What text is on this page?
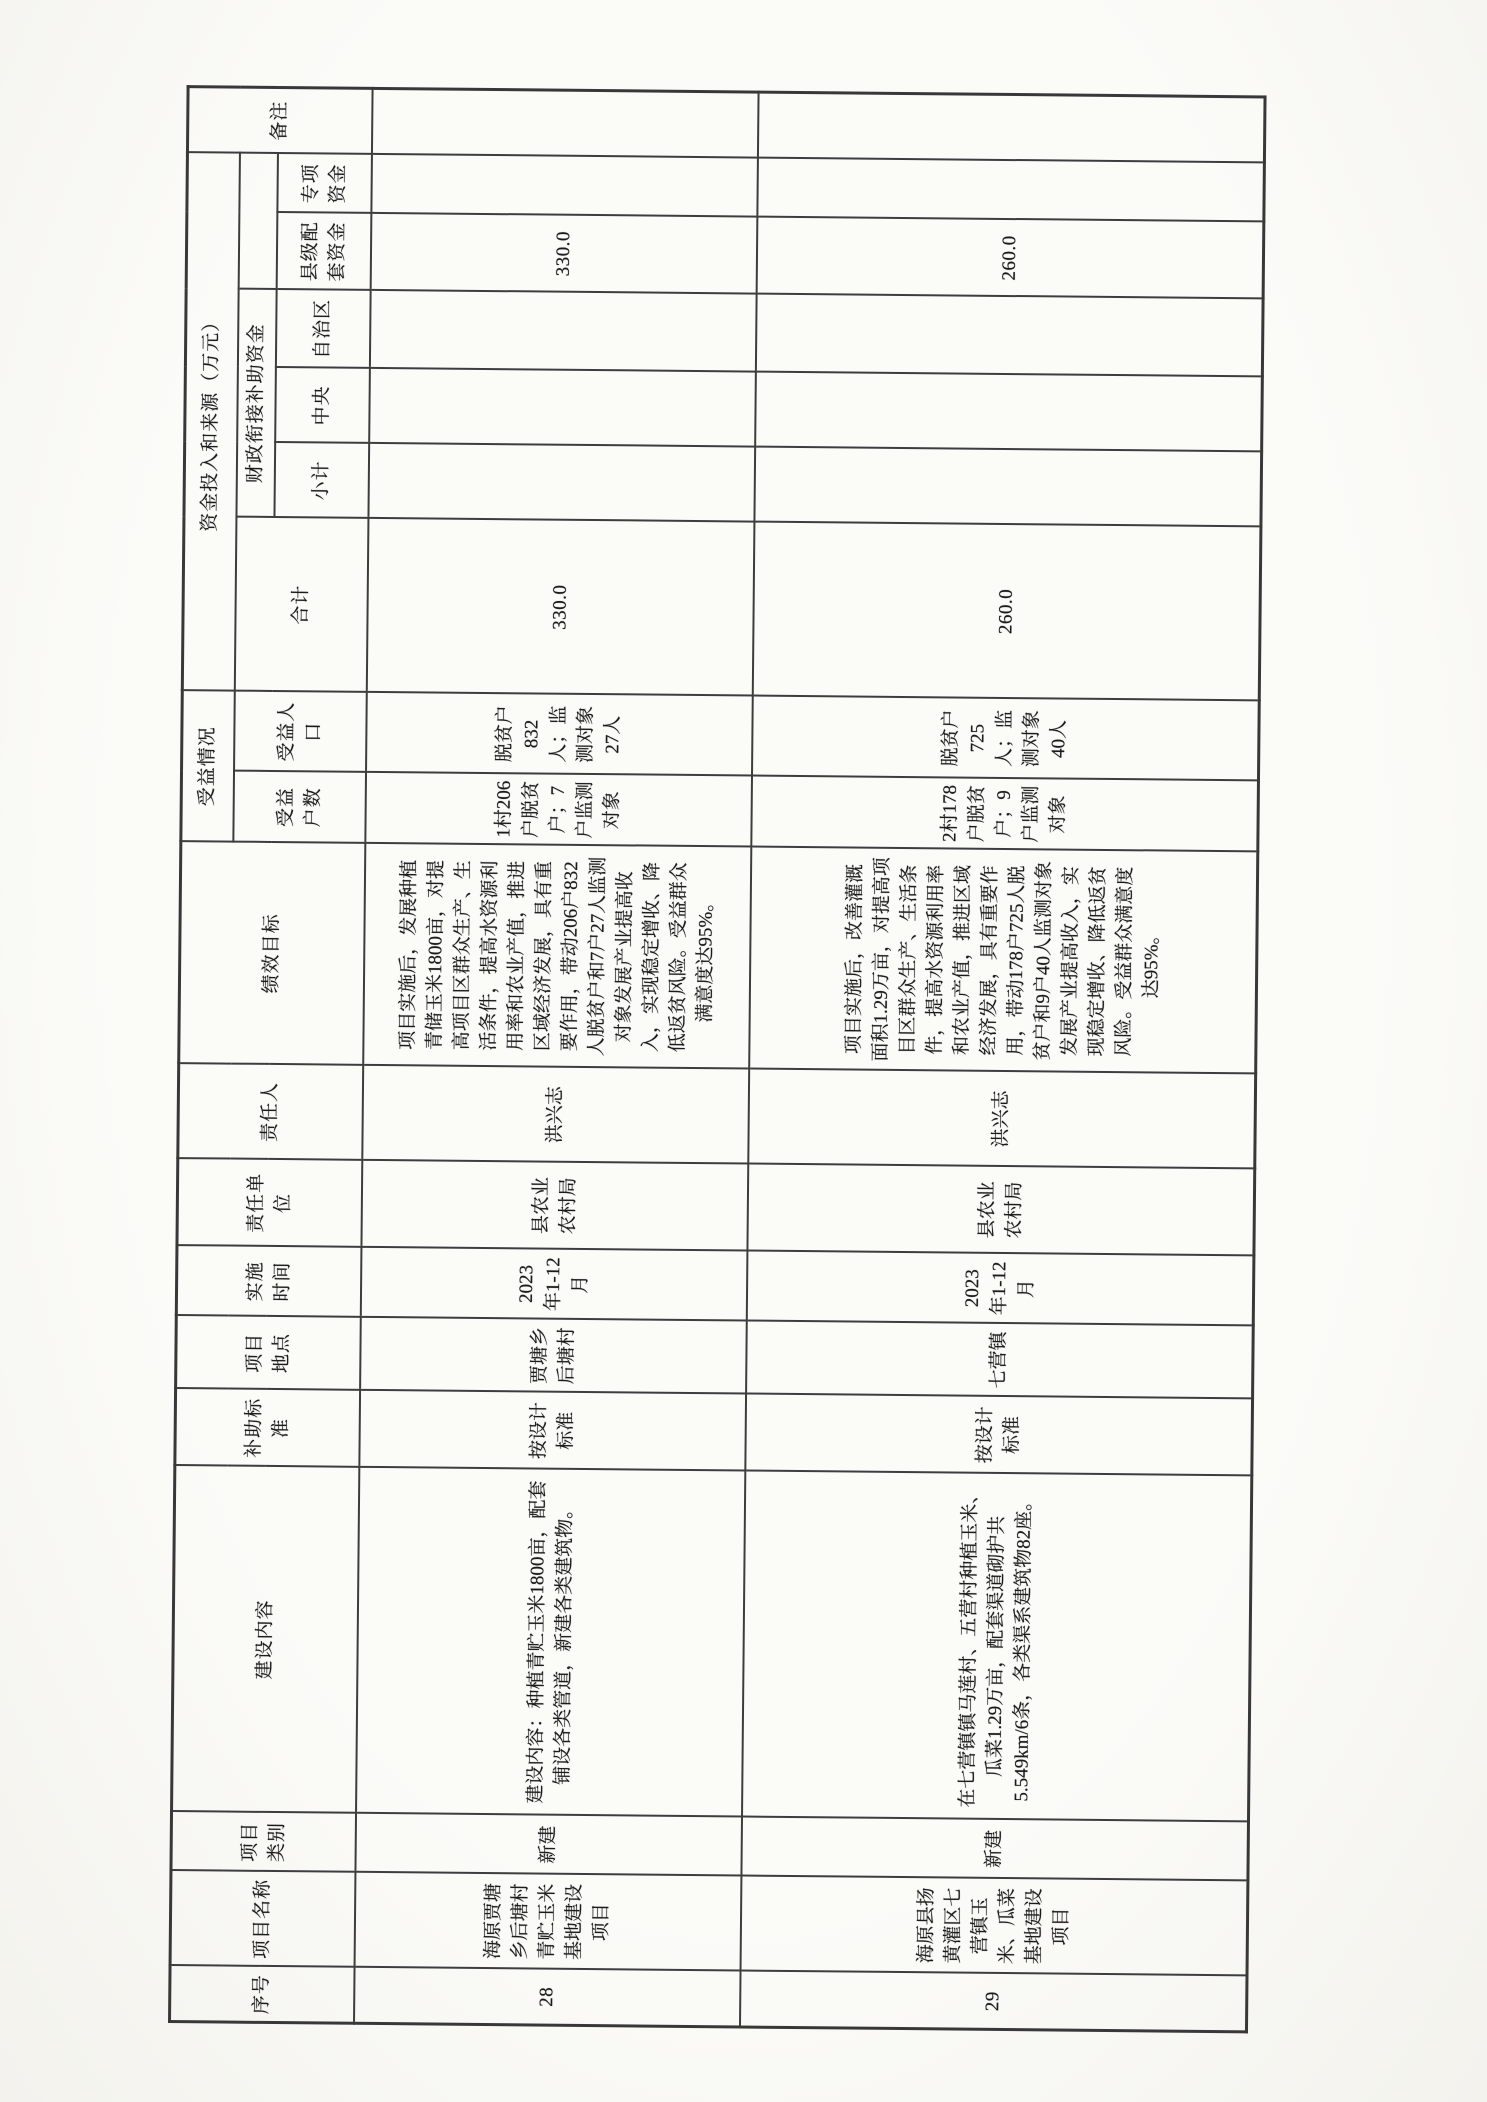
序号	项目名称	项目类别	建设内容	补助标准	项目地点	实施时间	责任单位	责任人	绩效目标	受益情况		资金投入和来源（万元）						备注
										受益户数	受益人口	合计	财政衔接补助资金					
													小计	中央	自治区	县级配套资金	专项资金	
28	海原贾塘乡后塘村青贮玉米基地建设项目	新建	建设内容：种植青贮玉米1800亩，配套铺设各类管道，新建各类建筑物。	按设计标准	贾塘乡后塘村	2023年1-12月	县农业农村局	洪兴志	项目实施后，发展种植青储玉米1800亩，对提高项目区群众生产、生活条件，提高水资源利用率和农业产值，推进区域经济发展，具有重要作用，带动206户832人脱贫户和7户27人监测对象发展产业提高收入，实现稳定增收、降低返贫风险。受益群众满意度达95%。	1村206户脱贫户；7户监测对象	脱贫户832人；监测对象27人	330.0				330.0		
29	海原县扬黄灌区七营镇玉米、瓜菜基地建设项目	新建	在七营镇镇马莲村、五营村种植玉米、瓜菜1.29万亩，配套渠道砌护共5.549km/6条，各类渠系建筑物82座。	按设计标准	七营镇	2023年1-12月	县农业农村局	洪兴志	项目实施后，改善灌溉面积1.29万亩，对提高项目区群众生产、生活条件，提高水资源利用率和农业产值，推进区域经济发展，具有重要作用，带动178户725人脱贫户和9户40人监测对象发展产业提高收入，实现稳定增收、降低返贫风险。受益群众满意度达95%。	2村178户脱贫户；9户监测对象	脱贫户725人；监测对象40人	260.0				260.0		
